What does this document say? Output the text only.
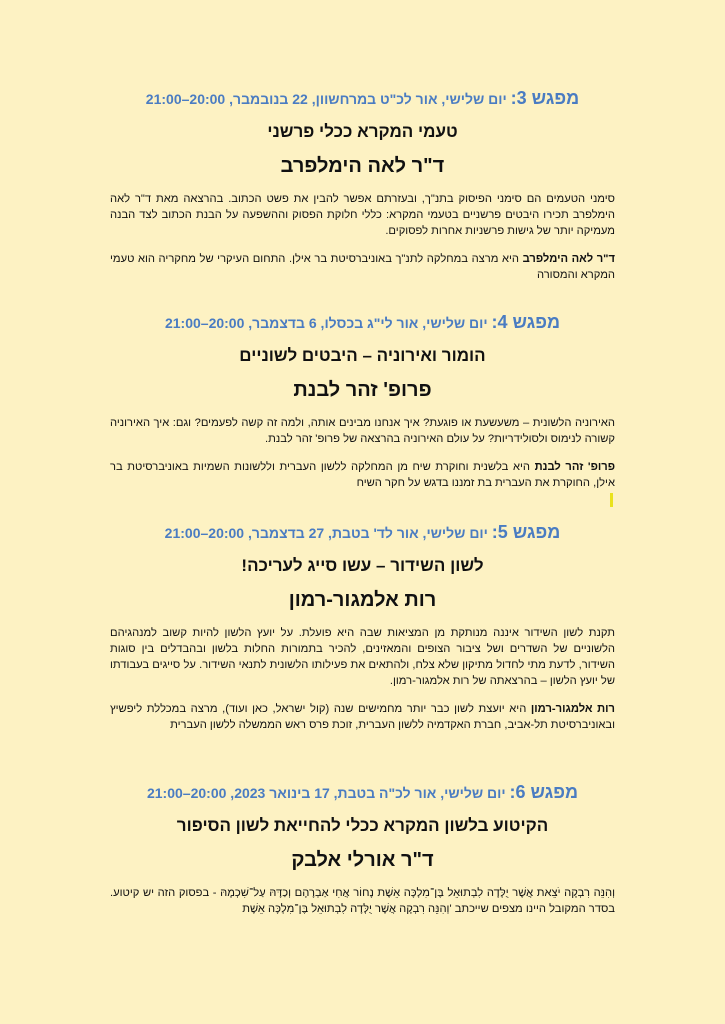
מפגש 3: יום שלישי, אור לכ"ט במרחשוון, 22 בנובמבר, 20:00–21:00
טעמי המקרא ככלי פרשני
ד"ר לאה הימלפרב
סימני הטעמים הם סימני הפיסוק בתנ"ך, ובעזרתם אפשר להבין את פשט הכתוב. בהרצאה מאת ד"ר לאה הימלפרב תכירו היבטים פרשניים בטעמי המקרא: כללי חלוקת הפסוק וההשפעה על הבנת הכתוב לצד הבנה מעמיקה יותר של גישות פרשניות אחרות לפסוקים.
ד"ר לאה הימלפרב היא מרצה במחלקה לתנ"ך באוניברסיטת בר אילן. התחום העיקרי של מחקריה הוא טעמי המקרא והמסורה
מפגש 4: יום שלישי, אור לי"ג בכסלו, 6 בדצמבר, 20:00–21:00
הומור ואירוניה – היבטים לשוניים
פרופ' זהר לבנת
האירוניה הלשונית – משעשעת או פוגעת? איך אנחנו מבינים אותה, ולמה זה קשה לפעמים? וגם: איך האירוניה קשורה לנימוס ולסולידריות? על עולם האירוניה בהרצאה של פרופ' זהר לבנת.
פרופ' זהר לבנת היא בלשנית וחוקרת שיח מן המחלקה ללשון העברית וללשונות השמיות באוניברסיטת בר אילן, החוקרת את העברית בת זמננו בדגש על חקר השיח
מפגש 5: יום שלישי, אור לד' בטבת, 27 בדצמבר, 20:00–21:00
לשון השידור – עשו סייג לעריכה!
רות אלמגור-רמון
תקנת לשון השידור איננה מנותקת מן המציאות שבה היא פועלת. על יועץ הלשון להיות קשוב למנהגיהם הלשוניים של השדרים ושל ציבור הצופים והמאזינים, להכיר בתמורות החלות בלשון ובהבדלים בין סוגות השידור, לדעת מתי לחדול מתיקון שלא צלח, ולהתאים את פעילותו הלשונית לתנאי השידור. על סייגים בעבודתו של יועץ הלשון – בהרצאתה של רות אלמגור-רמון.
רות אלמגור-רמון היא יועצת לשון כבר יותר מחמישים שנה (קול ישראל, כאן ועוד), מרצה במכללת ליפשיץ ובאוניברסיטת תל-אביב, חברת האקדמיה ללשון העברית, זוכת פרס ראש הממשלה ללשון העברית
מפגש 6: יום שלישי, אור לכ"ה בטבת, 17 בינואר 2023, 20:00–21:00
הקיטוע בלשון המקרא ככלי להחייאת לשון הסיפור
ד"ר אורלי אלבק
וְהִנֵּה רִבְקָה יֹצֵאת אֲשֶׁר יֻלְּדָה לִבְתוּאֵל בֶּן־מִלְכָּה אֵשֶׁת נָחוֹר אֲחִי אַבְרָהָם וְכַדָּהּ עַל־שִׁכְמָהּ - בפסוק הזה יש קיטוע. בסדר המקובל היינו מצפים שייכתב 'וְהִנֵּה רִבְקָה אֲשֶׁר יֻלְּדָה לִבְתוּאֵל בֶּן־מִלְכָּה אֵשֶׁת
